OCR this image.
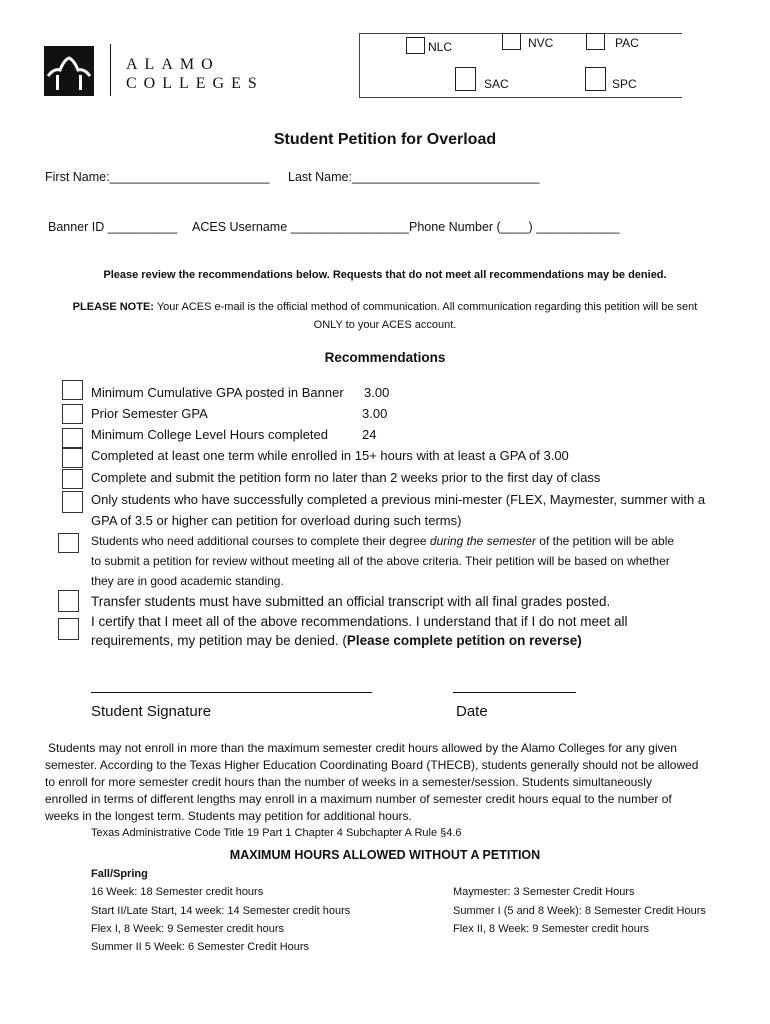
ALAMO
COLLEGES
NLC	NVC	PAC
SAC	SPC
Student Petition for Overload
First Name:_______________________ Last Name:___________________________
Banner ID __________ ACES Username _________________ Phone Number (____) ____________
Please review the recommendations below. Requests that do not meet all recommendations may be denied.
PLEASE NOTE: Your ACES e-mail is the official method of communication. All communication regarding this petition will be sent
ONLY to your ACES account.
Recommendations
Minimum Cumulative GPA posted in Banner 3.00
Prior Semester GPA	3.00
Minimum College Level Hours completed	24
Completed at least one term while enrolled in 15+ hours with at least a GPA of 3.00
Complete and submit the petition form no later than 2 weeks prior to the first day of class
Only students who have successfully completed a previous mini-mester (FLEX, Maymester, summer with a
GPA of 3.5 or higher can petition for overload during such terms)
Students who need additional courses to complete their degree during the semester of the petition will be able
to submit a petition for review without meeting all of the above criteria. Their petition will be based on whether
they are in good academic standing.
Transfer students must have submitted an official transcript with all final grades posted.
I certify that I meet all of the above recommendations. I understand that if I do not meet all
requirements, my petition may be denied. (Please complete petition on reverse)
Student Signature	Date
Students may not enroll in more than the maximum semester credit hours allowed by the Alamo Colleges for any given
semester. According to the Texas Higher Education Coordinating Board (THECB), students generally should not be allowed
to enroll for more semester credit hours than the number of weeks in a semester/session. Students simultaneously
enrolled in terms of different lengths may enroll in a maximum number of semester credit hours equal to the number of
weeks in the longest term. Students may petition for additional hours.
Texas Administrative Code Title 19 Part 1 Chapter 4 Subchapter A Rule §4.6
MAXIMUM HOURS ALLOWED WITHOUT A PETITION
Fall/Spring
16 Week: 18 Semester credit hours
Start II/Late Start, 14 week: 14 Semester credit hours
Flex I, 8 Week: 9 Semester credit hours
Summer II 5 Week: 6 Semester Credit Hours
Maymester: 3 Semester Credit Hours
Summer I (5 and 8 Week): 8 Semester Credit Hours
Flex II, 8 Week: 9 Semester credit hours
